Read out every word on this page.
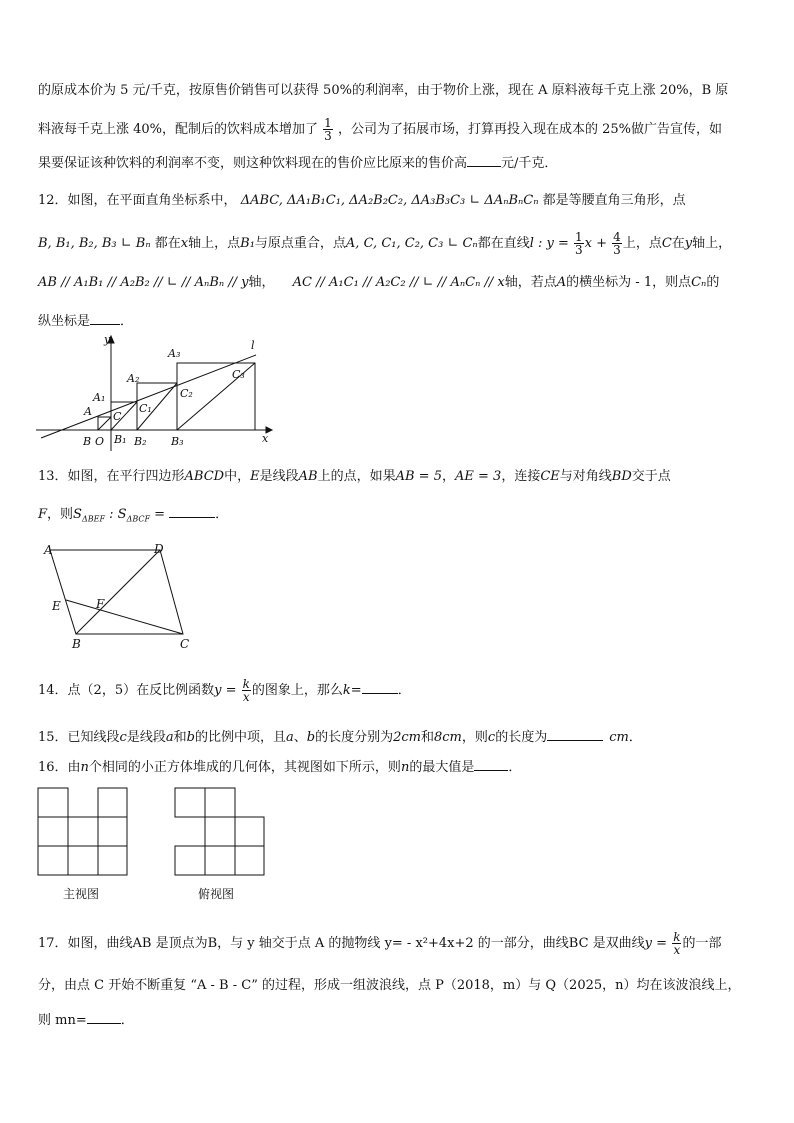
的原成本价为 5 元/千克，按原售价销售可以获得 50%的利润率，由于物价上涨，现在 A 原料液每千克上涨 20%，B 原
料液每千克上涨 40%，配制后的饮料成本增加了 $\frac{1}{3}$ ，公司为了拓展市场，打算再投入现在成本的 25%做广告宣传，如
果要保证该种饮料的利润率不变，则这种饮料现在的售价应比原来的售价高	元/千克．
12．如图，在平面直角坐标系中， ΔABC, ΔA₁B₁C₁, ΔA₂B₂C₂, ΔA₃B₃C₃ ∟ ΔAₙBₙCₙ 都是等腰直角三角形，点
B, B₁, B₂, B₃ ∟ Bₙ 都在x轴上，点B₁与原点重合，点A, C, C₁, C₂, C₃ ∟ Cₙ都在直线l : $y = \frac{1}{3}$ $x + \frac{4}{3}$ 上，点C在y轴上，
AB // A₁B₁ // A₂B₂ // ∟ // AₙBₙ // y轴， AC // A₁C₁ // A₂C₂ // ∟ // AₙCₙ // x轴，若点A的横坐标为 - 1，则点Cₙ的
纵坐标是 ．
y	l
A₃
C₃
A₂
A₁	C₂
C₁
A C
B O B₁ B₂ B₃	x
13．如图，在平行四边形ABCD中，E是线段AB上的点，如果AB = 5，AE = 3，连接CE与对角线BD交于点
F，则$S_{\Delta BEF}$ : $S_{\Delta BCF}$ =	．
A	D
E	F
B	C
14．点（2，5）在反比例函数$y = \frac{k}{x}$ 的图象上，那么k=	．
15．已知线段c是线段a和b的比例中项，且a、b的长度分别为2cm和8cm，则c的长度为	cm．
16．由n个相同的小正方体堆成的几何体，其视图如下所示，则n的最大值是	．
主视图	俯视图
17．如图，曲线AB 是顶点为B，与 y 轴交于点 A 的抛物线 y= - x²+4x+2 的一部分，曲线BC 是双曲线$y = \frac{k}{x}$ 的一部
分，由点 C 开始不断重复 “A - B - C” 的过程，形成一组波浪线，点 P（2018，m）与 Q（2025，n）均在该波浪线上，
则 mn=	．
